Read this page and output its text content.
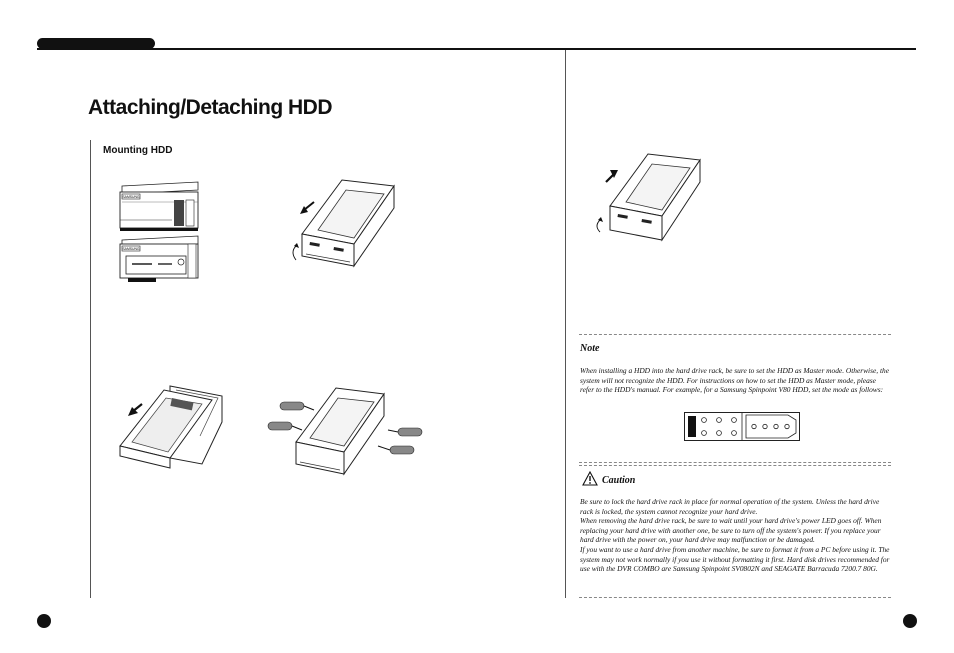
Attaching/Detaching HDD
Mounting HDD
SAMSUNG
SAMSUNG
Note
When installing a HDD into the hard drive rack, be sure to set the HDD as Master mode. Otherwise, the system will not recognize the HDD. For instructions on how to set the HDD as Master mode, please refer to the HDD's manual. For example, for a Samsung Spinpoint V80 HDD, set the mode as follows:
Caution
Be sure to lock the hard drive rack in place for normal operation of the system. Unless the hard drive rack is locked, the system cannot recognize your hard drive.
When removing the hard drive rack, be sure to wait until your hard drive's power LED goes off. When replacing your hard drive with another one, be sure to turn off the system's power. If you replace your hard drive with the power on, your hard drive may malfunction or be damaged.
If you want to use a hard drive from another machine, be sure to format it from a PC before using it. The system may not work normally if you use it without formatting it first. Hard disk drives recommended for use with the DVR COMBO are Samsung Spinpoint SV0802N and SEAGATE Barracuda 7200.7 80G.
